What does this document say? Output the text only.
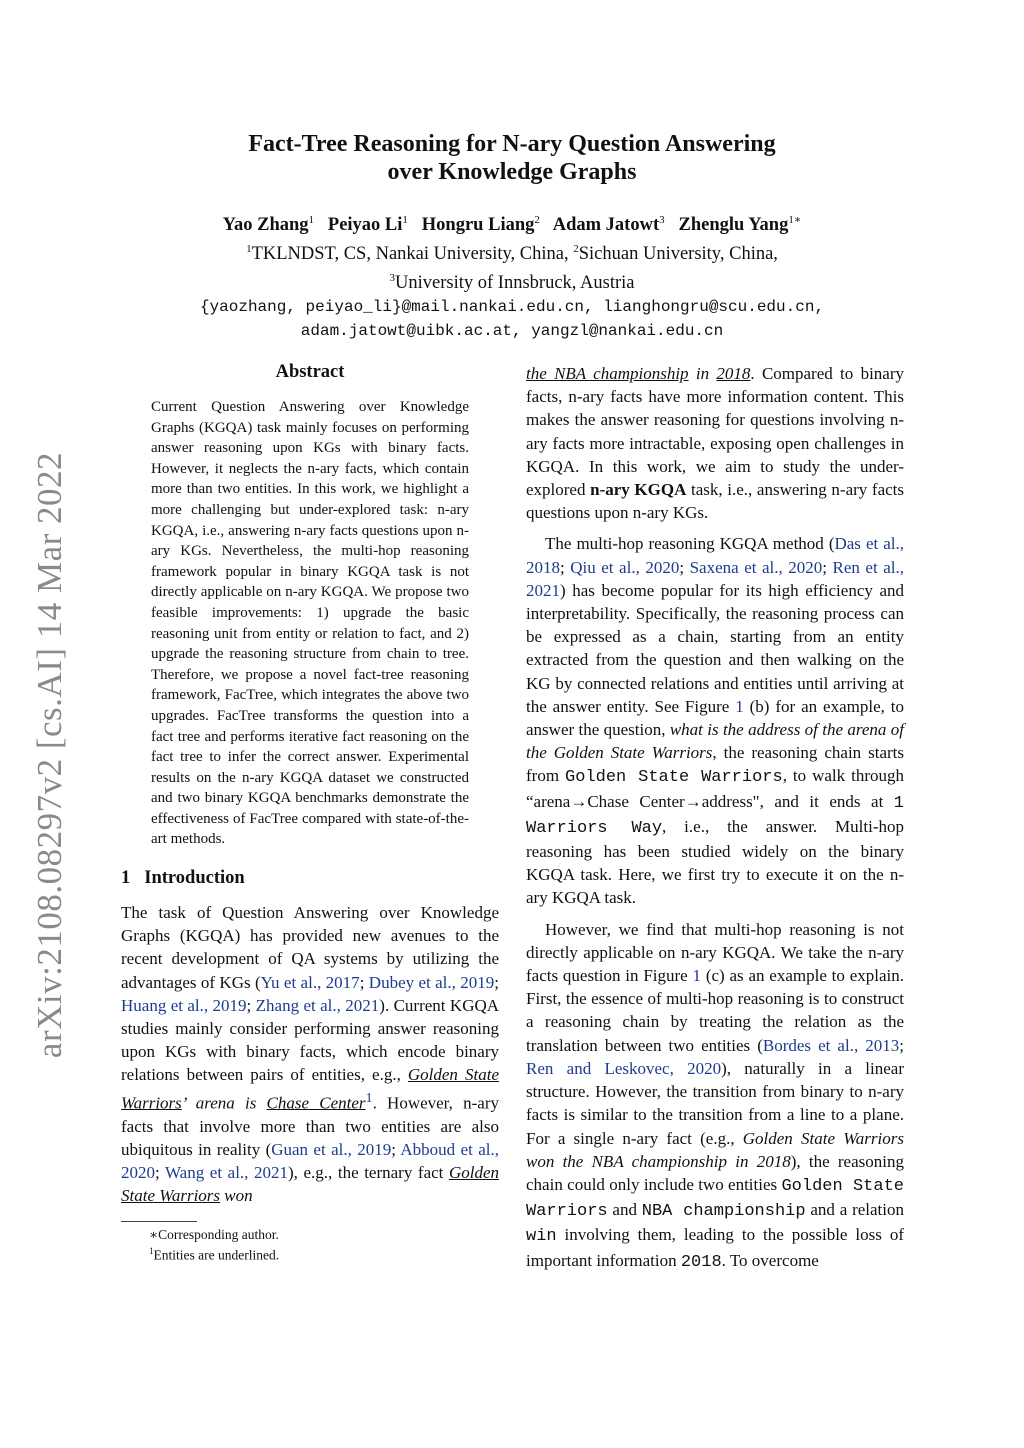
arXiv:2108.08297v2 [cs.AI] 14 Mar 2022
Fact-Tree Reasoning for N-ary Question Answering
over Knowledge Graphs
Yao Zhang$^1$ Peiyao Li$^1$ Hongru Liang$^2$ Adam Jatowt$^3$ Zhenglu Yang$^{1∗}$
$^1$TKLNDST, CS, Nankai University, China, $^2$Sichuan University, China,
$^3$University of Innsbruck, Austria
{yaozhang, peiyao_li}@mail.nankai.edu.cn, lianghongru@scu.edu.cn,
adam.jatowt@uibk.ac.at, yangzl@nankai.edu.cn
Abstract
Current Question Answering over Knowledge Graphs (KGQA) task mainly focuses on performing answer reasoning upon KGs with binary facts. However, it neglects the n-ary facts, which contain more than two entities. In this work, we highlight a more challenging but under-explored task: n-ary KGQA, i.e., answering n-ary facts questions upon n-ary KGs. Nevertheless, the multi-hop reasoning framework popular in binary KGQA task is not directly applicable on n-ary KGQA. We propose two feasible improvements: 1) upgrade the basic reasoning unit from entity or relation to fact, and 2) upgrade the reasoning structure from chain to tree. Therefore, we propose a novel fact-tree reasoning framework, FacTree, which integrates the above two upgrades. FacTree transforms the question into a fact tree and performs iterative fact reasoning on the fact tree to infer the correct answer. Experimental results on the n-ary KGQA dataset we constructed and two binary KGQA benchmarks demonstrate the effectiveness of FacTree compared with state-of-the-art methods.
1 Introduction

The task of Question Answering over Knowledge Graphs (KGQA) has provided new avenues to the recent development of QA systems by utilizing the advantages of KGs (Yu et al., 2017; Dubey et al., 2019; Huang et al., 2019; Zhang et al., 2021). Current KGQA studies mainly consider performing answer reasoning upon KGs with binary facts, which encode binary relations between pairs of entities, e.g., Golden State Warriors’ arena is Chase Center$^1$. However, n-ary facts that involve more than two entities are also ubiquitous in reality (Guan et al., 2019; Abboud et al., 2020; Wang et al., 2021), e.g., the ternary fact Golden State Warriors won

∗Corresponding author.
$^1$Entities are underlined.

the NBA championship in 2018. Compared to binary facts, n-ary facts have more information content. This makes the answer reasoning for questions involving n-ary facts more intractable, exposing open challenges in KGQA. In this work, we aim to study the under-explored n-ary KGQA task, i.e., answering n-ary facts questions upon n-ary KGs.

The multi-hop reasoning KGQA method (Das et al., 2018; Qiu et al., 2020; Saxena et al., 2020; Ren et al., 2021) has become popular for its high efficiency and interpretability. Specifically, the reasoning process can be expressed as a chain, starting from an entity extracted from the question and then walking on the KG by connected relations and entities until arriving at the answer entity. See Figure 1 (b) for an example, to answer the question, what is the address of the arena of the Golden State Warriors, the reasoning chain starts from Golden State Warriors, to walk through “arena→Chase Center→address", and it ends at 1 Warriors Way, i.e., the answer. Multi-hop reasoning has been studied widely on the binary KGQA task. Here, we first try to execute it on the n-ary KGQA task.

However, we find that multi-hop reasoning is not directly applicable on n-ary KGQA. We take the n-ary facts question in Figure 1 (c) as an example to explain. First, the essence of multi-hop reasoning is to construct a reasoning chain by treating the relation as the translation between two entities (Bordes et al., 2013; Ren and Leskovec, 2020), naturally in a linear structure. However, the transition from binary to n-ary facts is similar to the transition from a line to a plane. For a single n-ary fact (e.g., Golden State Warriors won the NBA championship in 2018), the reasoning chain could only include two entities Golden State Warriors and NBA championship and a relation win involving them, leading to the possible loss of important information 2018. To overcome
